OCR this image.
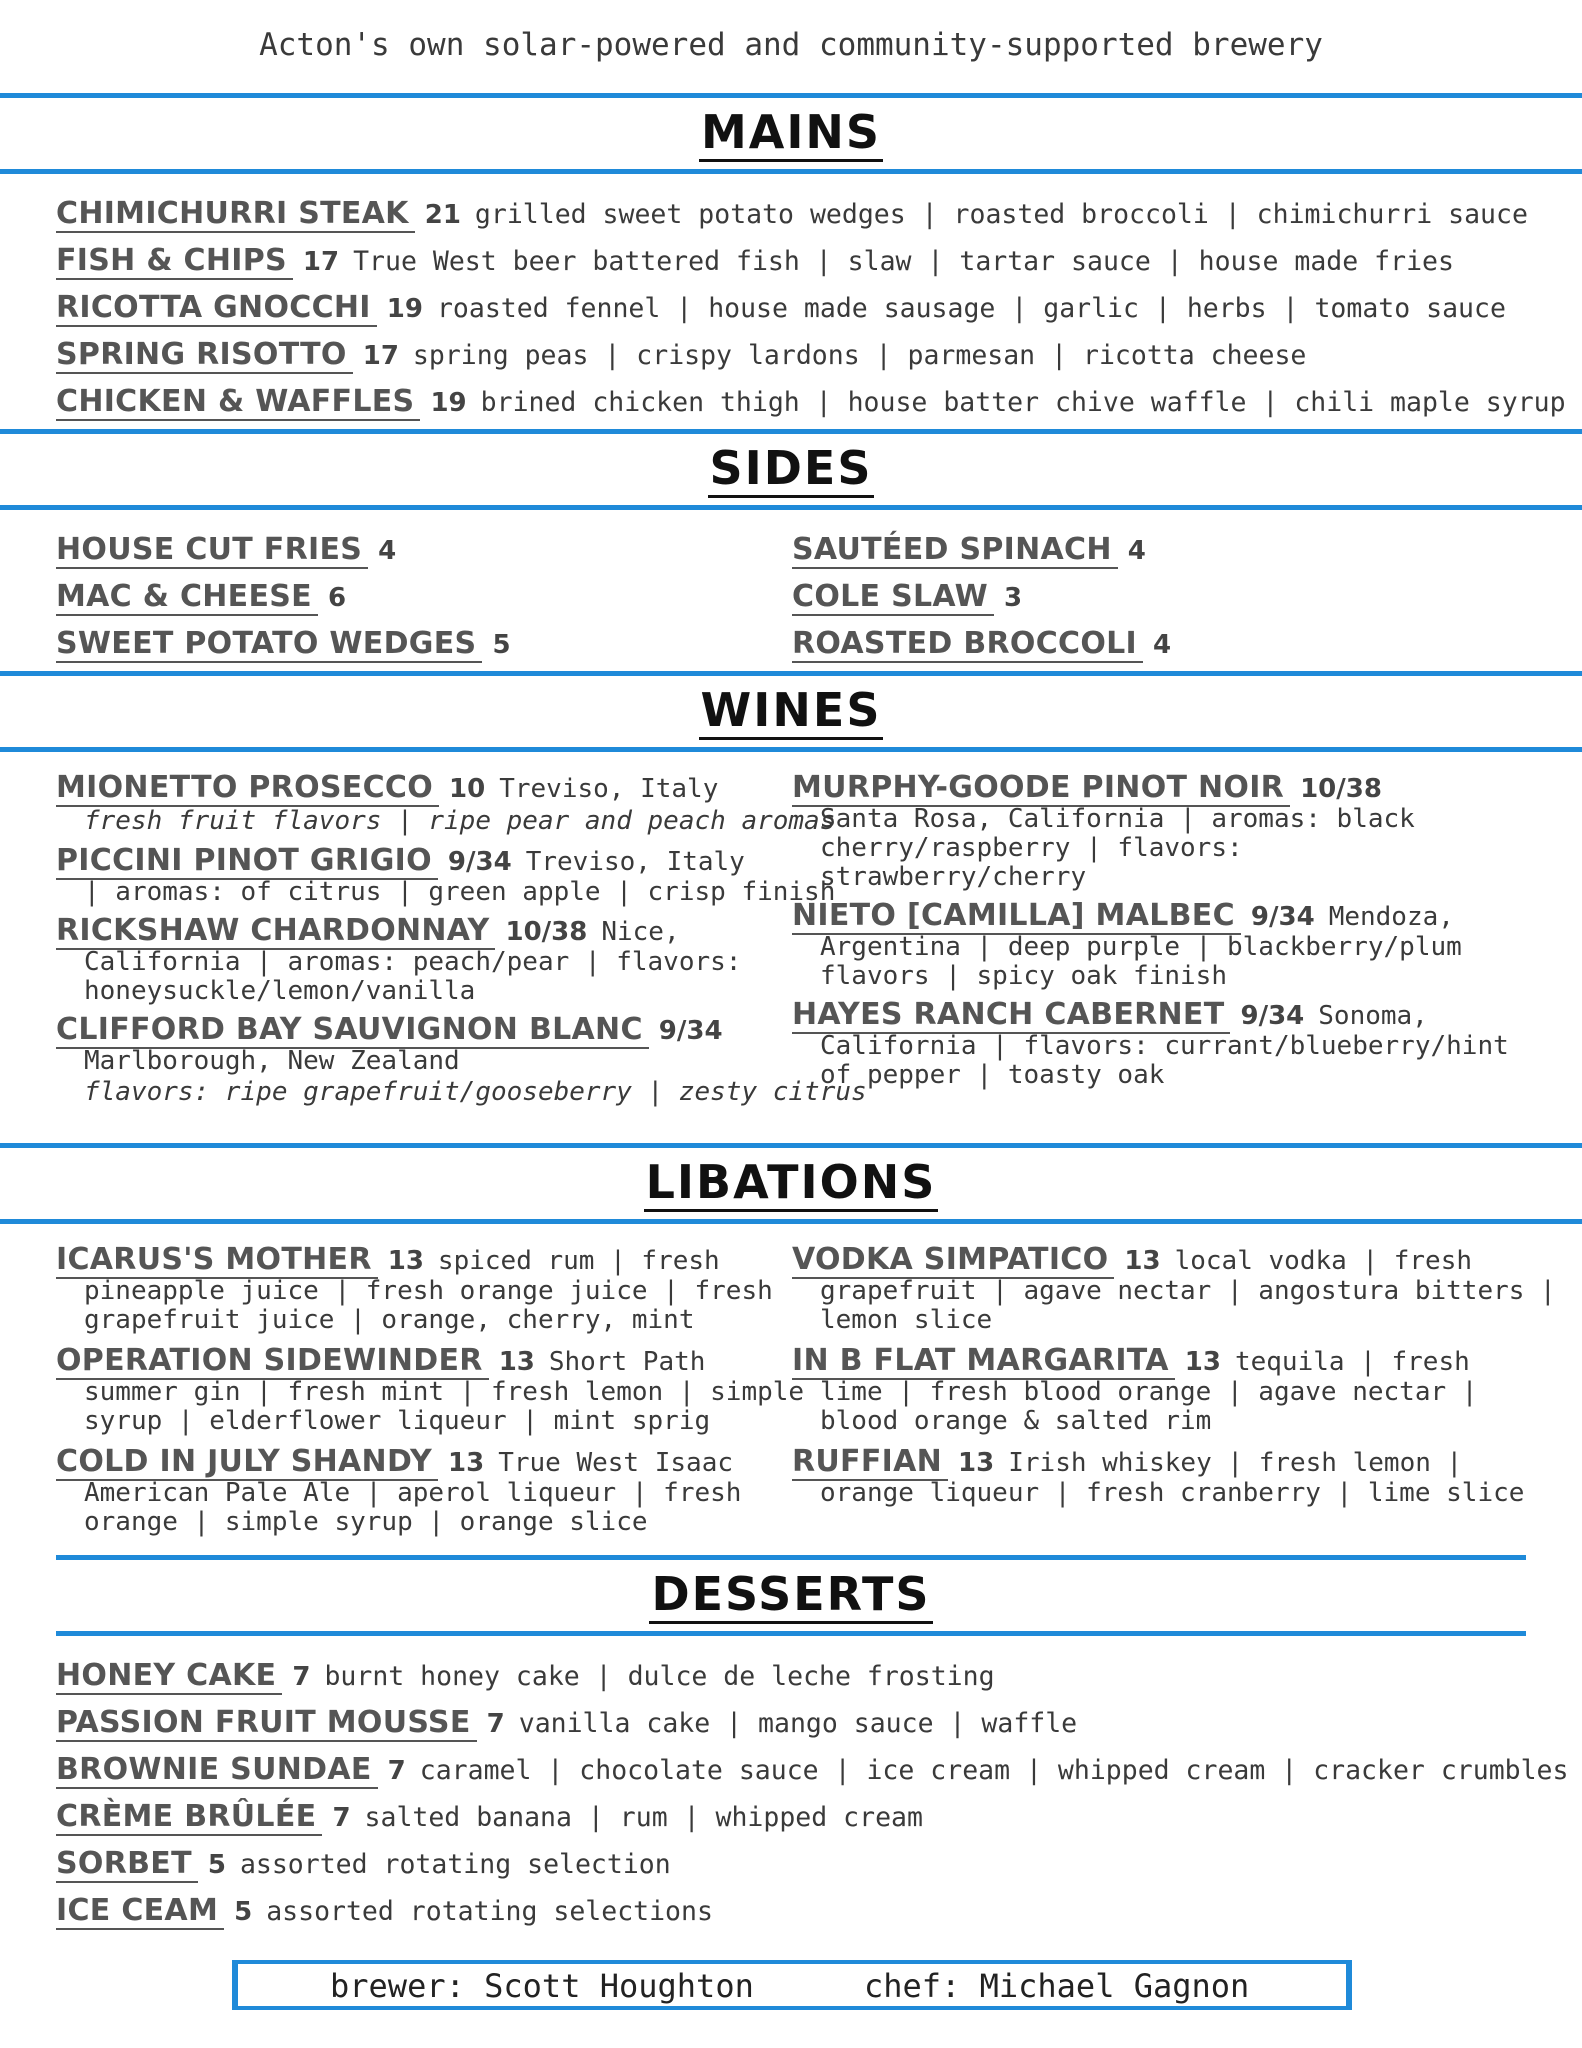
Acton's own solar-powered and community-supported brewery
MAINS
CHIMICHURRI STEAK 21 grilled sweet potato wedges | roasted broccoli | chimichurri sauce
FISH & CHIPS 17 True West beer battered fish | slaw | tartar sauce | house made fries
RICOTTA GNOCCHI 19 roasted fennel | house made sausage | garlic | herbs | tomato sauce
SPRING RISOTTO 17 spring peas | crispy lardons | parmesan | ricotta cheese
CHICKEN & WAFFLES 19 brined chicken thigh | house batter chive waffle | chili maple syrup
SIDES
HOUSE CUT FRIES 4
MAC & CHEESE 6
SWEET POTATO WEDGES 5
SAUTÉED SPINACH 4
COLE SLAW 3
ROASTED BROCCOLI 4
WINES
MIONETTO PROSECCO 10 Treviso, Italy
fresh fruit flavors | ripe pear and peach aromas
PICCINI PINOT GRIGIO 9/34 Treviso, Italy
| aromas: of citrus | green apple | crisp finish
RICKSHAW CHARDONNAY 10/38 Nice,
California | aromas: peach/pear | flavors:
honeysuckle/lemon/vanilla
CLIFFORD BAY SAUVIGNON BLANC 9/34
Marlborough, New Zealand
flavors: ripe grapefruit/gooseberry | zesty citrus
MURPHY-GOODE PINOT NOIR 10/38
Santa Rosa, California | aromas: black
cherry/raspberry | flavors:
strawberry/cherry
NIETO [CAMILLA] MALBEC 9/34 Mendoza,
Argentina | deep purple | blackberry/plum
flavors | spicy oak finish
HAYES RANCH CABERNET 9/34 Sonoma,
California | flavors: currant/blueberry/hint
of pepper | toasty oak
LIBATIONS
ICARUS'S MOTHER 13 spiced rum | fresh
pineapple juice | fresh orange juice | fresh
grapefruit juice | orange, cherry, mint
OPERATION SIDEWINDER 13 Short Path
summer gin | fresh mint | fresh lemon | simple
syrup | elderflower liqueur | mint sprig
COLD IN JULY SHANDY 13 True West Isaac
American Pale Ale | aperol liqueur | fresh
orange | simple syrup | orange slice
VODKA SIMPATICO 13 local vodka | fresh
grapefruit | agave nectar | angostura bitters |
lemon slice
IN B FLAT MARGARITA 13 tequila | fresh
lime | fresh blood orange | agave nectar |
blood orange & salted rim
RUFFIAN 13 Irish whiskey | fresh lemon |
orange liqueur | fresh cranberry | lime slice
DESSERTS
HONEY CAKE 7 burnt honey cake | dulce de leche frosting
PASSION FRUIT MOUSSE 7 vanilla cake | mango sauce | waffle
BROWNIE SUNDAE 7 caramel | chocolate sauce | ice cream | whipped cream | cracker crumbles
CRÈME BRÛLÉE 7 salted banana | rum | whipped cream
SORBET 5 assorted rotating selection
ICE CEAM 5 assorted rotating selections
brewer: Scott Houghton	chef: Michael Gagnon
